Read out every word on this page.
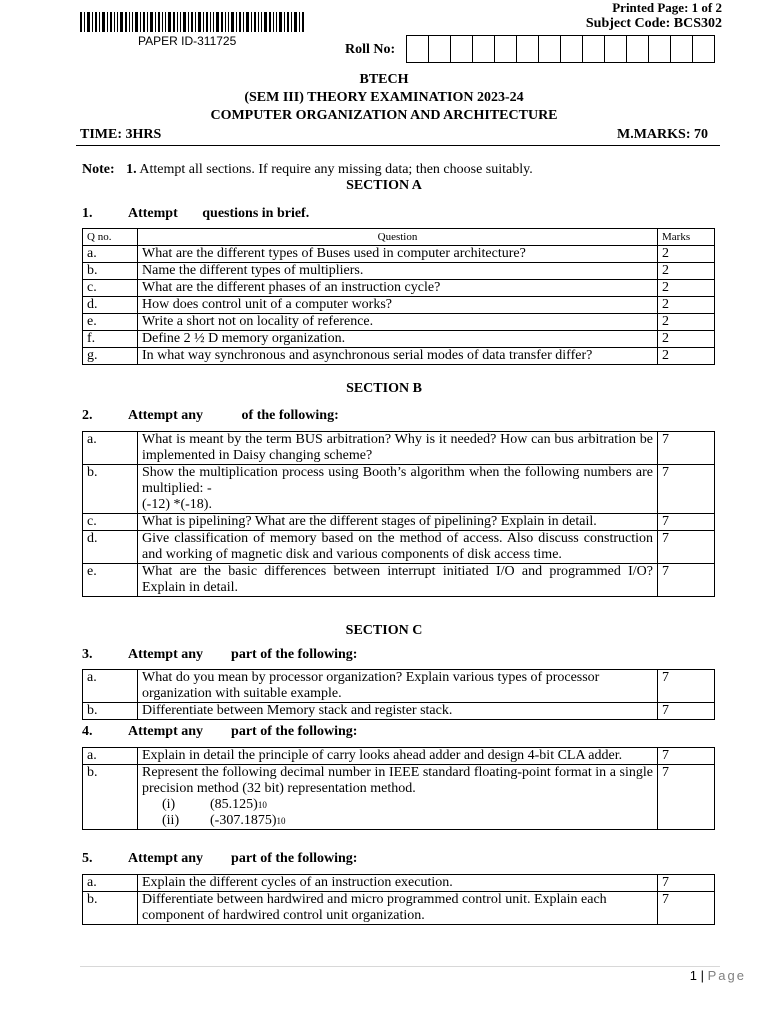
PAPER ID-311725
Printed Page: 1 of 2
Subject Code: BCS302
Roll No:
BTECH
(SEM III) THEORY EXAMINATION 2023-24
COMPUTER ORGANIZATION AND ARCHITECTURE
TIME: 3HRS	M.MARKS: 70
Note: 1. Attempt all sections. If require any missing data; then choose suitably.
SECTION A
1.	Attempt       questions in brief.
Q no.	Question	Marks
a.	What are the different types of Buses used in computer architecture?	2
b.	Name the different types of multipliers.	2
c.	What are the different phases of an instruction cycle?	2
d.	How does control unit of a computer works?	2
e.	Write a short not on locality of reference.	2
f.	Define 2 ½ D memory organization.	2
g.	In what way synchronous and asynchronous serial modes of data transfer differ?	2
SECTION B
2.	Attempt any           of the following:
a.	What is meant by the term BUS arbitration? Why is it needed? How can bus arbitration be implemented in Daisy changing scheme?	7
b.	Show the multiplication process using Booth’s algorithm when the following numbers are multiplied: -
(-12) *(-18).	7
c.	What is pipelining? What are the different stages of pipelining? Explain in detail.	7
d.	Give classification of memory based on the method of access. Also discuss construction and working of magnetic disk and various components of disk access time.	7
e.	What are the basic differences between interrupt initiated I/O and programmed I/O? Explain in detail.	7
SECTION C
3.	Attempt any        part of the following:
a.	What do you mean by processor organization? Explain various types of processor organization with suitable example.	7
b.	Differentiate between Memory stack and register stack.	7
4.	Attempt any        part of the following:
a.	Explain in detail the principle of carry looks ahead adder and design 4-bit CLA adder.	7
b.	Represent the following decimal number in IEEE standard floating-point format in a single precision method (32 bit) representation method.
(i) (85.125)10
(ii) (-307.1875)10	7
5.	Attempt any        part of the following:
a.	Explain the different cycles of an instruction execution.	7
b.	Differentiate between hardwired and micro programmed control unit. Explain each component of hardwired control unit organization.	7
1 | Page
